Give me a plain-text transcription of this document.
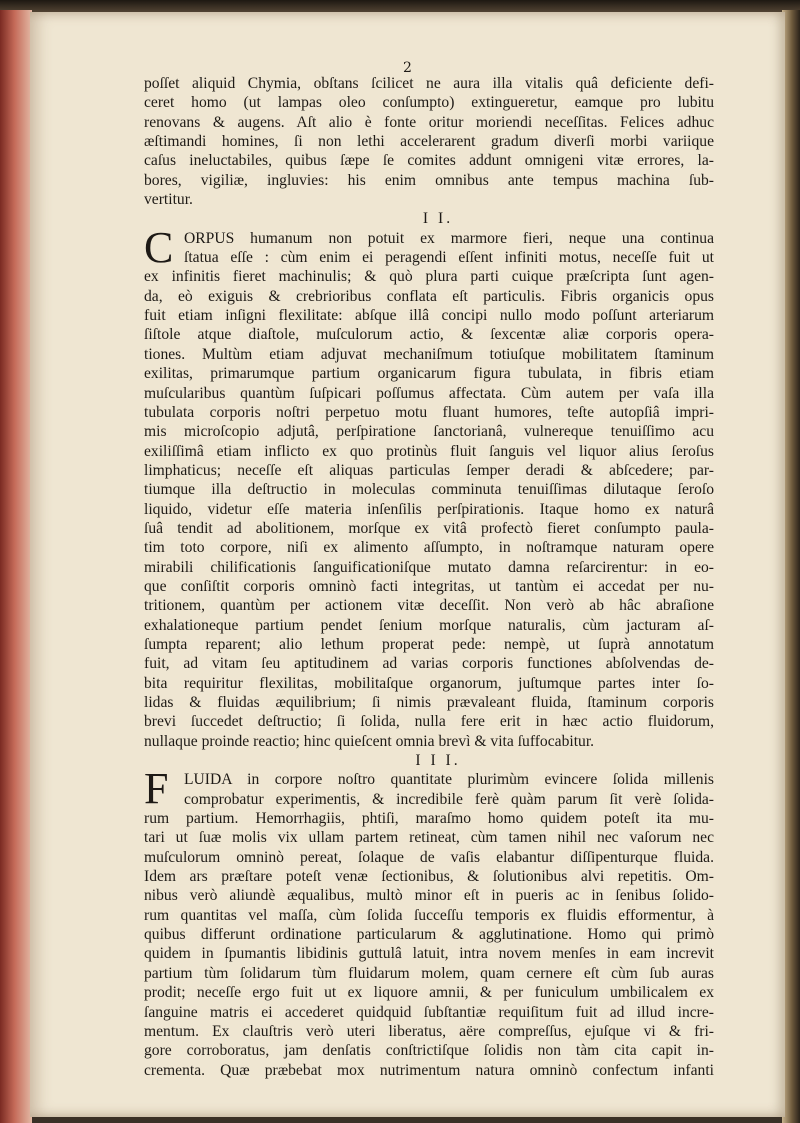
2
poſſet aliquid Chymia, obſtans ſcilicet ne aura illa vitalis quâ deficiente defi-
ceret homo (ut lampas oleo conſumpto) extingueretur, eamque pro lubitu
renovans & augens. Aſt alio è fonte oritur moriendi neceſſitas. Felices adhuc
æſtimandi homines, ſi non lethi accelerarent gradum diverſi morbi variique
caſus ineluctabiles, quibus ſæpe ſe comites addunt omnigeni vitæ errores, la-
bores, vigiliæ, ingluvies: his enim omnibus ante tempus machina ſub-
vertitur.
I I.
C ORPUS humanum non potuit ex marmore fieri, neque una continua
ſtatua eſſe : cùm enim ei peragendi eſſent infiniti motus, neceſſe fuit ut
ex infinitis fieret machinulis; & quò plura parti cuique præſcripta ſunt agen-
da, eò exiguis & crebrioribus conflata eſt particulis. Fibris organicis opus
fuit etiam inſigni flexilitate: abſque illâ concipi nullo modo poſſunt arteriarum
ſiſtole atque diaſtole, muſculorum actio, & ſexcentæ aliæ corporis opera-
tiones. Multùm etiam adjuvat mechaniſmum totiuſque mobilitatem ſtaminum
exilitas, primarumque partium organicarum figura tubulata, in fibris etiam
muſcularibus quantùm ſuſpicari poſſumus affectata. Cùm autem per vaſa illa
tubulata corporis noſtri perpetuo motu fluant humores, teſte autopſiâ impri-
mis microſcopio adjutâ, perſpiratione ſanctorianâ, vulnereque tenuiſſimo acu
exiliſſimâ etiam inflicto ex quo protinùs fluit ſanguis vel liquor alius ſeroſus
limphaticus; neceſſe eſt aliquas particulas ſemper deradi & abſcedere; par-
tiumque illa deſtructio in moleculas comminuta tenuiſſimas dilutaque ſeroſo
liquido, videtur eſſe materia inſenſilis perſpirationis. Itaque homo ex naturâ
ſuâ tendit ad abolitionem, morſque ex vitâ profectò fieret conſumpto paula-
tim toto corpore, niſi ex alimento aſſumpto, in noſtramque naturam opere
mirabili chilificationis ſanguificationiſque mutato damna reſarcirentur: in eo-
que conſiſtit corporis omninò facti integritas, ut tantùm ei accedat per nu-
tritionem, quantùm per actionem vitæ deceſſit. Non verò ab hâc abraſione
exhalationeque partium pendet ſenium morſque naturalis, cùm jacturam aſ-
ſumpta reparent; alio lethum properat pede: nempè, ut ſuprà annotatum
fuit, ad vitam ſeu aptitudinem ad varias corporis functiones abſolvendas de-
bita requiritur flexilitas, mobilitaſque organorum, juſtumque partes inter ſo-
lidas & fluidas æquilibrium; ſi nimis prævaleant fluida, ſtaminum corporis
brevi ſuccedet deſtructio; ſi ſolida, nulla fere erit in hæc actio fluidorum,
nullaque proinde reactio; hinc quieſcent omnia brevì & vita ſuffocabitur.
I I I.
F LUIDA in corpore noſtro quantitate plurimùm evincere ſolida millenis
comprobatur experimentis, & incredibile ferè quàm parum ſit verè ſolida-
rum partium. Hemorrhagiis, phtiſi, maraſmo homo quidem poteſt ita mu-
tari ut ſuæ molis vix ullam partem retineat, cùm tamen nihil nec vaſorum nec
muſculorum omninò pereat, ſolaque de vaſis elabantur diſſipenturque fluida.
Idem ars præſtare poteſt venæ ſectionibus, & ſolutionibus alvi repetitis. Om-
nibus verò aliundè æqualibus, multò minor eſt in pueris ac in ſenibus ſolido-
rum quantitas vel maſſa, cùm ſolida ſucceſſu temporis ex fluidis efformentur, à
quibus differunt ordinatione particularum & agglutinatione. Homo qui primò
quidem in ſpumantis libidinis guttulâ latuit, intra novem menſes in eam increvit
partium tùm ſolidarum tùm fluidarum molem, quam cernere eſt cùm ſub auras
prodit; neceſſe ergo fuit ut ex liquore amnii, & per funiculum umbilicalem ex
ſanguine matris ei accederet quidquid ſubſtantiæ requiſitum fuit ad illud incre-
mentum. Ex clauſtris verò uteri liberatus, aëre compreſſus, ejuſque vi & fri-
gore corroboratus, jam denſatis conſtrictiſque ſolidis non tàm cita capit in-
crementa. Quæ præbebat mox nutrimentum natura omninò confectum infanti
